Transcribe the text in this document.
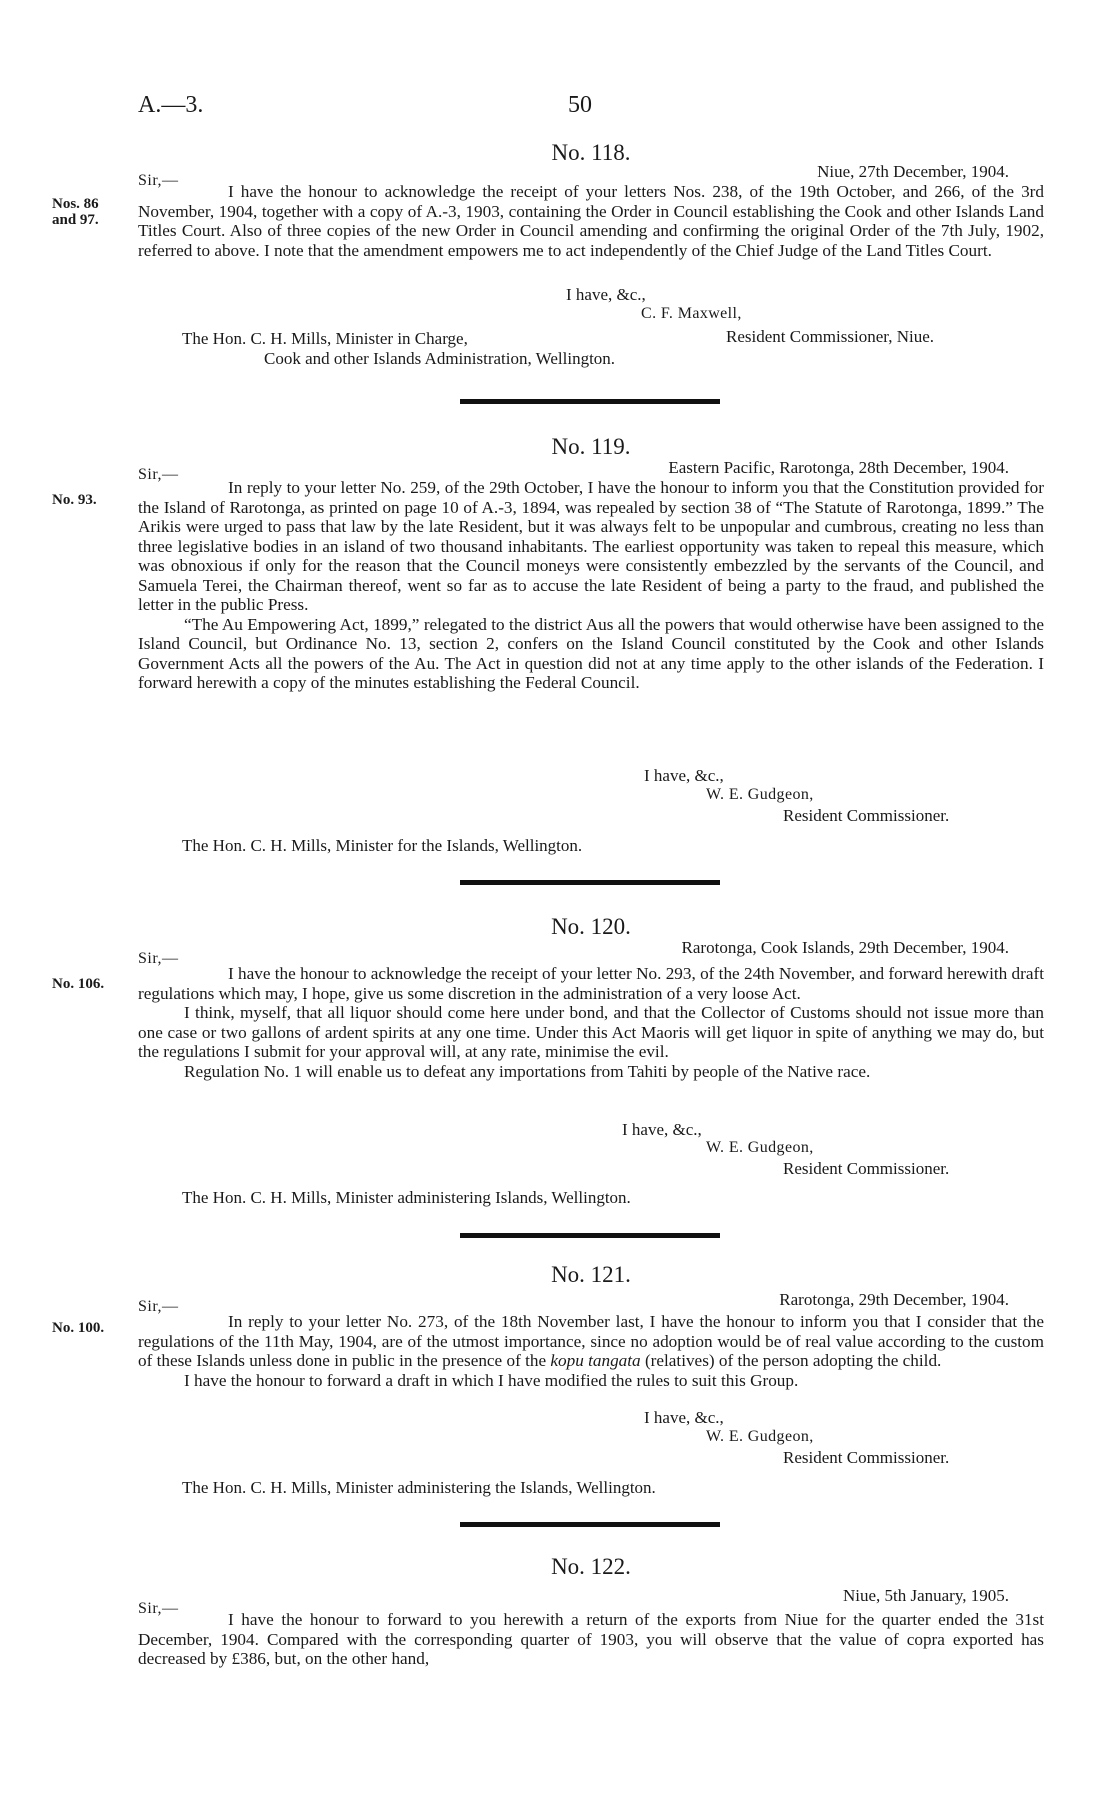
A.—3.	50
Nos. 86
and 97.
No. 118.
Sir,—	Niue, 27th December, 1904.

I have the honour to acknowledge the receipt of your letters Nos. 238, of the 19th October, and 266, of the 3rd November, 1904, together with a copy of A.-3, 1903, containing the Order in Council establishing the Cook and other Islands Land Titles Court. Also of three copies of the new Order in Council amending and confirming the original Order of the 7th July, 1902, referred to above. I note that the amendment empowers me to act independently of the Chief Judge of the Land Titles Court.

I have, &c.,
C. F. Maxwell,
Resident Commissioner, Niue.
The Hon. C. H. Mills, Minister in Charge,
Cook and other Islands Administration, Wellington.
No. 93.
No. 119.
Sir,—	Eastern Pacific, Rarotonga, 28th December, 1904.

In reply to your letter No. 259, of the 29th October, I have the honour to inform you that the Constitution provided for the Island of Rarotonga, as printed on page 10 of A.-3, 1894, was repealed by section 38 of “The Statute of Rarotonga, 1899.” The Arikis were urged to pass that law by the late Resident, but it was always felt to be unpopular and cumbrous, creating no less than three legislative bodies in an island of two thousand inhabitants. The earliest opportunity was taken to repeal this measure, which was obnoxious if only for the reason that the Council moneys were consistently embezzled by the servants of the Council, and Samuela Terei, the Chairman thereof, went so far as to accuse the late Resident of being a party to the fraud, and published the letter in the public Press.

“The Au Empowering Act, 1899,” relegated to the district Aus all the powers that would otherwise have been assigned to the Island Council, but Ordinance No. 13, section 2, confers on the Island Council constituted by the Cook and other Islands Government Acts all the powers of the Au. The Act in question did not at any time apply to the other islands of the Federation. I forward herewith a copy of the minutes establishing the Federal Council.

I have, &c.,
W. E. Gudgeon,
Resident Commissioner.
The Hon. C. H. Mills, Minister for the Islands, Wellington.
No. 106.
No. 120.
Sir,—
Rarotonga, Cook Islands, 29th December, 1904.

I have the honour to acknowledge the receipt of your letter No. 293, of the 24th November, and forward herewith draft regulations which may, I hope, give us some discretion in the administration of a very loose Act.

I think, myself, that all liquor should come here under bond, and that the Collector of Customs should not issue more than one case or two gallons of ardent spirits at any one time. Under this Act Maoris will get liquor in spite of anything we may do, but the regulations I submit for your approval will, at any rate, minimise the evil.

Regulation No. 1 will enable us to defeat any importations from Tahiti by people of the Native race.

I have, &c.,
W. E. Gudgeon,
Resident Commissioner.
The Hon. C. H. Mills, Minister administering Islands, Wellington.
No. 100.
No. 121.
Sir,—	Rarotonga, 29th December, 1904.

In reply to your letter No. 273, of the 18th November last, I have the honour to inform you that I consider that the regulations of the 11th May, 1904, are of the utmost importance, since no adoption would be of real value according to the custom of these Islands unless done in public in the presence of the kopu tangata (relatives) of the person adopting the child.

I have the honour to forward a draft in which I have modified the rules to suit this Group.

I have, &c.,
W. E. Gudgeon,
Resident Commissioner.
The Hon. C. H. Mills, Minister administering the Islands, Wellington.
No. 122.
Sir,—
Niue, 5th January, 1905.

I have the honour to forward to you herewith a return of the exports from Niue for the quarter ended the 31st December, 1904. Compared with the corresponding quarter of 1903, you will observe that the value of copra exported has decreased by £386, but, on the other hand,
